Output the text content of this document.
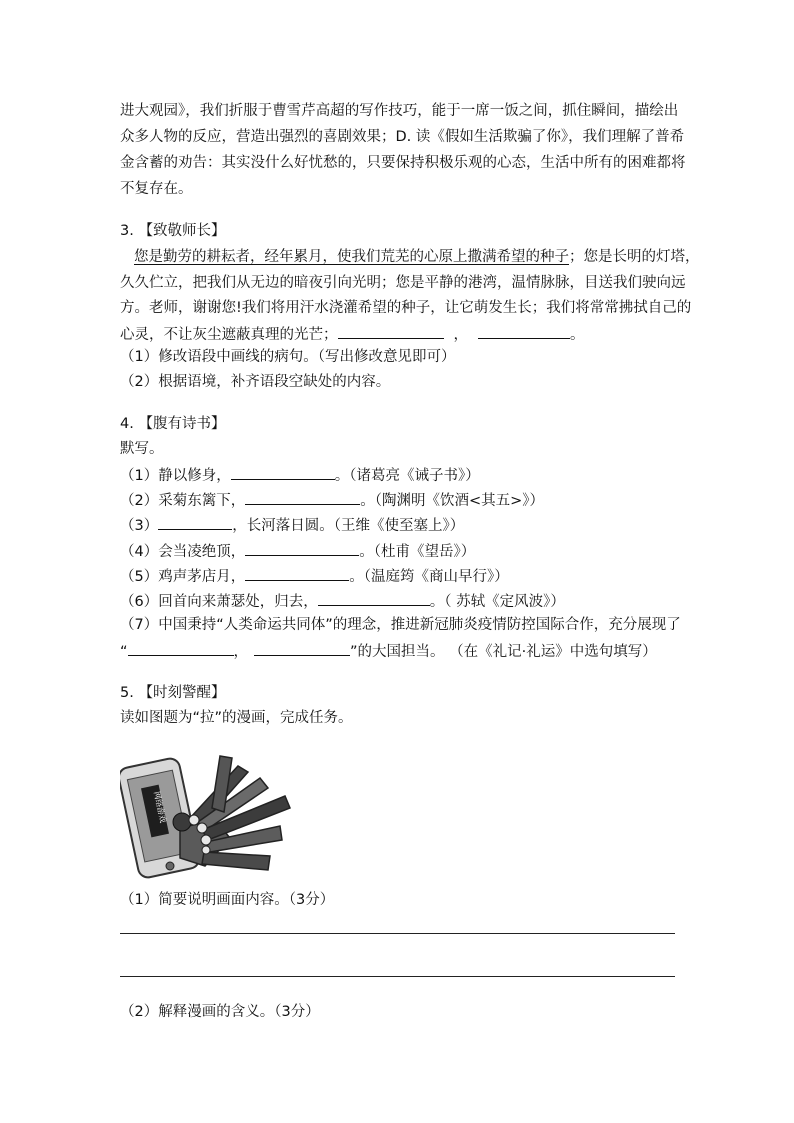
进大观园》，我们折服于曹雪芹高超的写作技巧，能于一席一饭之间，抓住瞬间，描绘出
众多人物的反应，营造出强烈的喜剧效果；D. 读《假如生活欺骗了你》，我们理解了普希
金含蓄的劝告：其实没什么好忧愁的，只要保持积极乐观的心态，生活中所有的困难都将
不复存在。
3. 【致敬师长】
您是勤劳的耕耘者，经年累月，使我们荒芜的心原上撒满希望的种子；您是长明的灯塔，
久久伫立，把我们从无边的暗夜引向光明；您是平静的港湾，温情脉脉，目送我们驶向远
方。老师，谢谢您!我们将用汗水浇灌希望的种子，让它萌发生长；我们将常常拂拭自己的
心灵，不让灰尘遮蔽真理的光芒；	，	。
（1）修改语段中画线的病句。（写出修改意见即可）
（2）根据语境，补齐语段空缺处的内容。
4. 【腹有诗书】
默写。
（1）静以修身，	。（诸葛亮《诫子书》）
（2）采菊东篱下，	。（陶渊明《饮酒<其五>》）
（3）	，长河落日圆。（王维《使至塞上》）
（4）会当凌绝顶，	。（杜甫《望岳》）
（5）鸡声茅店月，	。（温庭筠《商山早行》）
（6）回首向来萧瑟处，归去，	。（ 苏轼《定风波》）
（7）中国秉持“人类命运共同体”的理念，推进新冠肺炎疫情防控国际合作，充分展现了
“	，	”的大国担当。 （在《礼记·礼运》中选句填写）
5. 【时刻警醒】
读如图题为“拉”的漫画，完成任务。
网络游戏
（1）简要说明画面内容。（3分）
（2）解释漫画的含义。（3分）
